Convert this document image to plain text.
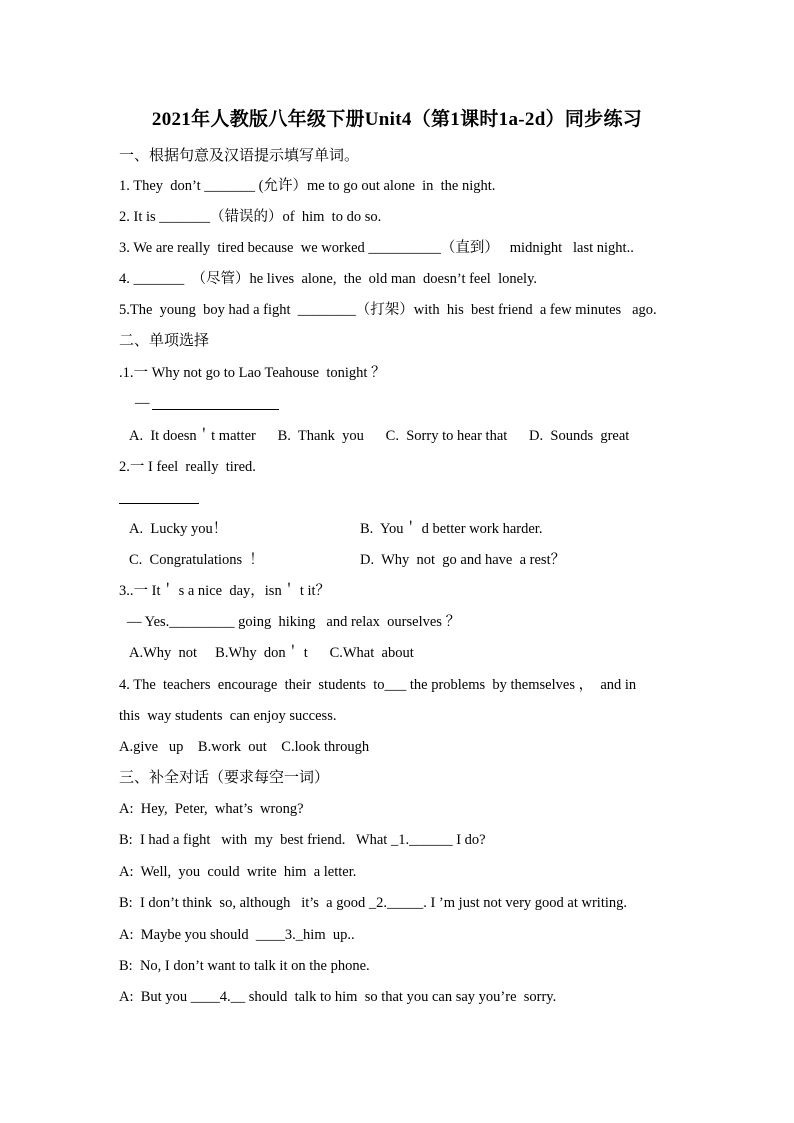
2021年人教版八年级下册Unit4（第1课时1a-2d）同步练习
一、根据句意及汉语提示填写单词。
1. They  don’t _______ (允许）me to go out alone  in  the night.
2. It is _______（错误的）of  him  to do so.
3. We are really  tired because  we worked __________（直到）   midnight   last night..
4. _______  （尽管）he lives  alone,  the  old man  doesn’t feel  lonely.
5.The  young  boy had a fight  ________（打架）with  his  best friend  a few minutes   ago.
二、单项选择
.1.一 Why not go to Lao Teahouse  tonight ？
—
A.  It doesn＇t matter      B.  Thank  you      C.  Sorry to hear that      D.  Sounds  great
2.一 I feel  really  tired.
A.  Lucky you！	B.  You＇ d better work harder.
C.  Congratulations  ！	D.  Why  not  go and have  a rest？
3..一 It＇ s a nice  day，isn＇ t it？
— Yes._________ going  hiking   and relax  ourselves ？
A.Why  not     B.Why  don＇ t      C.What  about
4. The  teachers  encourage  their  students  to___ the problems  by themselves ，  and in
this  way students  can enjoy success.
A.give   up    B.work  out    C.look through
三、补全对话（要求每空一词）
A:  Hey,  Peter,  what’s  wrong?
B:  I had a fight   with  my  best friend.   What _1.______ I do?
A:  Well,  you  could  write  him  a letter.
B:  I don’t think  so, although   it’s  a good _2._____. I ’m just not very good at writing.
A:  Maybe you should  ____3._him  up..
B:  No, I don’t want to talk it on the phone.
A:  But you ____4.__ should  talk to him  so that you can say you’re  sorry.
